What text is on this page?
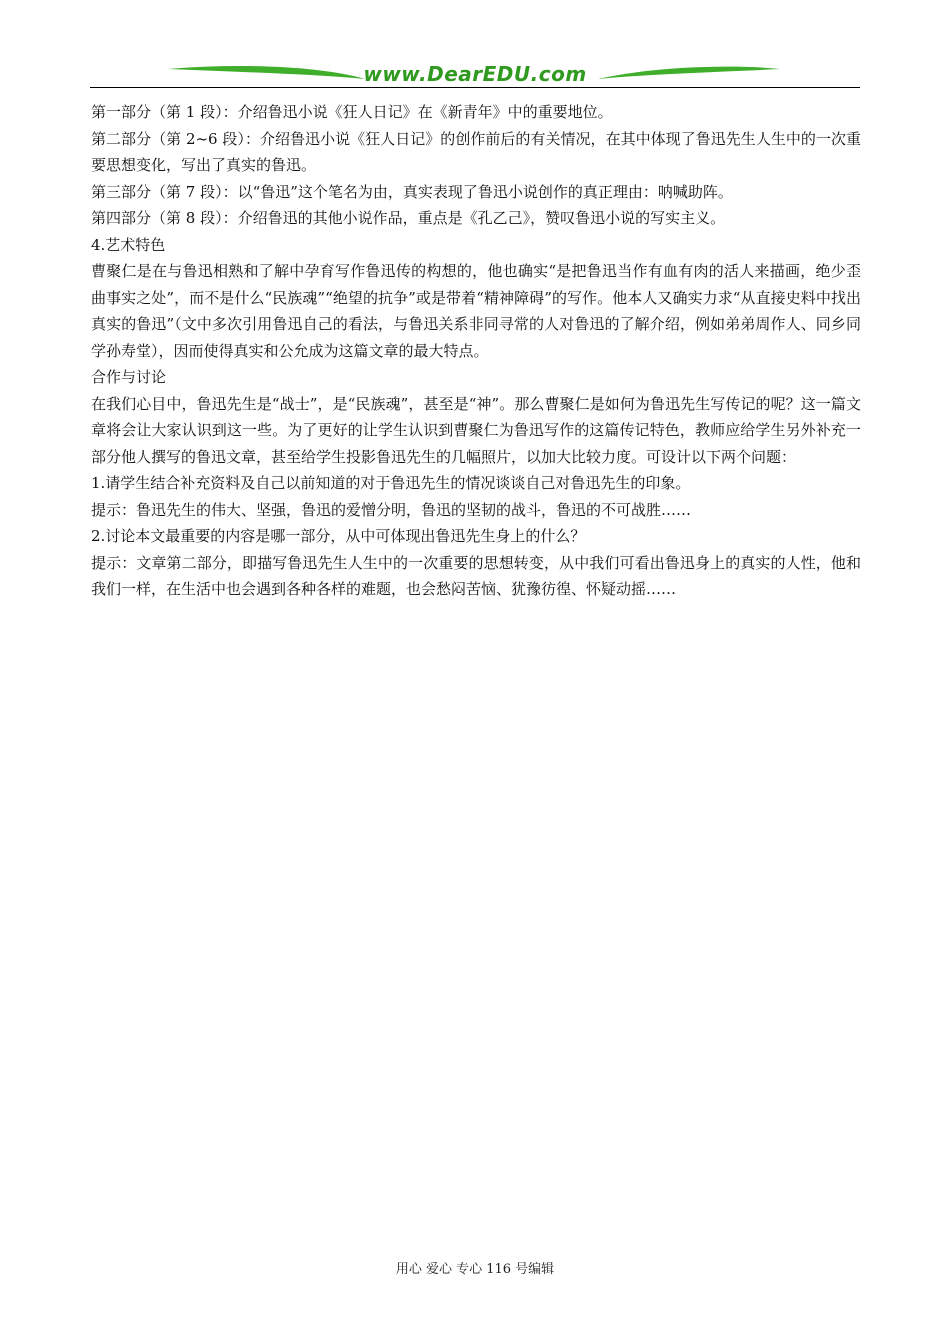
www.DearEDU.com

第一部分（第 1 段）：介绍鲁迅小说《狂人日记》在《新青年》中的重要地位。

第二部分（第 2~6 段）：介绍鲁迅小说《狂人日记》的创作前后的有关情况，在其中体现了鲁迅先生人生中的一次重要思想变化，写出了真实的鲁迅。

第三部分（第 7 段）：以“鲁迅”这个笔名为由，真实表现了鲁迅小说创作的真正理由：呐喊助阵。

第四部分（第 8 段）：介绍鲁迅的其他小说作品，重点是《孔乙己》，赞叹鲁迅小说的写实主义。

4.艺术特色

曹聚仁是在与鲁迅相熟和了解中孕育写作鲁迅传的构想的，他也确实“是把鲁迅当作有血有肉的活人来描画，绝少歪曲事实之处”，而不是什么“民族魂”“绝望的抗争”或是带着“精神障碍”的写作。他本人又确实力求“从直接史料中找出真实的鲁迅”（文中多次引用鲁迅自己的看法，与鲁迅关系非同寻常的人对鲁迅的了解介绍，例如弟弟周作人、同乡同学孙寿堂），因而使得真实和公允成为这篇文章的最大特点。

合作与讨论

在我们心目中，鲁迅先生是“战士”，是“民族魂”，甚至是“神”。那么曹聚仁是如何为鲁迅先生写传记的呢？这一篇文章将会让大家认识到这一些。为了更好的让学生认识到曹聚仁为鲁迅写作的这篇传记特色，教师应给学生另外补充一部分他人撰写的鲁迅文章，甚至给学生投影鲁迅先生的几幅照片，以加大比较力度。可设计以下两个问题：

1.请学生结合补充资料及自己以前知道的对于鲁迅先生的情况谈谈自己对鲁迅先生的印象。

提示：鲁迅先生的伟大、坚强，鲁迅的爱憎分明，鲁迅的坚韧的战斗，鲁迅的不可战胜……

2.讨论本文最重要的内容是哪一部分，从中可体现出鲁迅先生身上的什么？

提示：文章第二部分，即描写鲁迅先生人生中的一次重要的思想转变，从中我们可看出鲁迅身上的真实的人性，他和我们一样，在生活中也会遇到各种各样的难题，也会愁闷苦恼、犹豫彷徨、怀疑动摇……

用心 爱心 专心 116 号编辑
